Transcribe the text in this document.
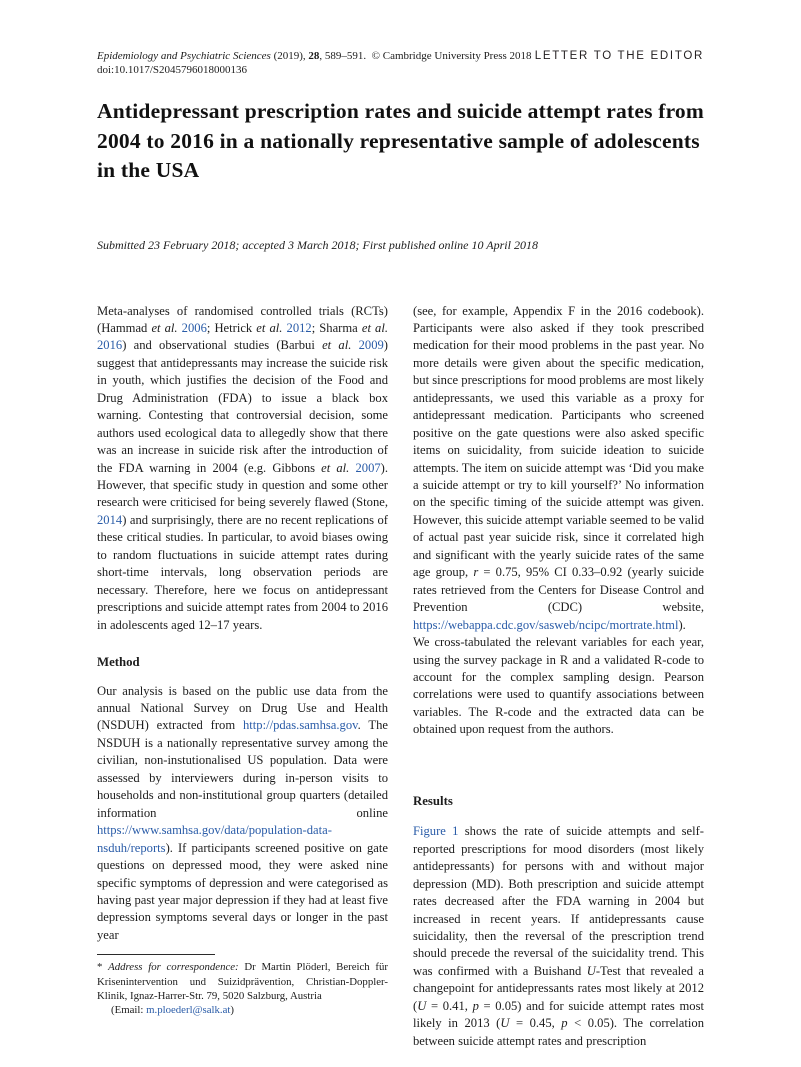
Epidemiology and Psychiatric Sciences (2019), 28, 589–591.  © Cambridge University Press 2018 LETTER TO THE EDITOR
doi:10.1017/S2045796018000136
Antidepressant prescription rates and suicide attempt rates from 2004 to 2016 in a nationally representative sample of adolescents in the USA
Submitted 23 February 2018; accepted 3 March 2018; First published online 10 April 2018

Meta-analyses of randomised controlled trials (RCTs) (Hammad et al. 2006; Hetrick et al. 2012; Sharma et al. 2016) and observational studies (Barbui et al. 2009) suggest that antidepressants may increase the suicide risk in youth, which justifies the decision of the Food and Drug Administration (FDA) to issue a black box warning. Contesting that controversial decision, some authors used ecological data to allegedly show that there was an increase in suicide risk after the introduction of the FDA warning in 2004 (e.g. Gibbons et al. 2007). However, that specific study in question and some other research were criticised for being severely flawed (Stone, 2014) and surprisingly, there are no recent replications of these critical studies. In particular, to avoid biases owing to random fluctuations in suicide attempt rates during short-time intervals, long observation periods are necessary. Therefore, here we focus on antidepressant prescriptions and suicide attempt rates from 2004 to 2016 in adolescents aged 12–17 years.

Method

Our analysis is based on the public use data from the annual National Survey on Drug Use and Health (NSDUH) extracted from http://pdas.samhsa.gov. The NSDUH is a nationally representative survey among the civilian, non-instutionalised US population. Data were assessed by interviewers during in-person visits to households and non-institutional group quarters (detailed information online https://www.samhsa.gov/data/population-data-nsduh/reports). If participants screened positive on gate questions on depressed mood, they were asked nine specific symptoms of depression and were categorised as having past year major depression if they had at least five depression symptoms several days or longer in the past year

* Address for correspondence: Dr Martin Plöderl, Bereich für Krisenintervention und Suizidprävention, Christian-Doppler-Klinik, Ignaz-Harrer-Str. 79, 5020 Salzburg, Austria
(Email: m.ploederl@salk.at)

(see, for example, Appendix F in the 2016 codebook). Participants were also asked if they took prescribed medication for their mood problems in the past year. No more details were given about the specific medication, but since prescriptions for mood problems are most likely antidepressants, we used this variable as a proxy for antidepressant medication. Participants who screened positive on the gate questions were also asked specific items on suicidality, from suicide ideation to suicide attempts. The item on suicide attempt was ‘Did you make a suicide attempt or try to kill yourself?’ No information on the specific timing of the suicide attempt was given. However, this suicide attempt variable seemed to be valid of actual past year suicide risk, since it correlated high and significant with the yearly suicide rates of the same age group, r = 0.75, 95% CI 0.33–0.92 (yearly suicide rates retrieved from the Centers for Disease Control and Prevention (CDC) website, https://webappa.cdc.gov/sasweb/ncipc/mortrate.html). We cross-tabulated the relevant variables for each year, using the survey package in R and a validated R-code to account for the complex sampling design. Pearson correlations were used to quantify associations between variables. The R-code and the extracted data can be obtained upon request from the authors.

Results

Figure 1 shows the rate of suicide attempts and self-reported prescriptions for mood disorders (most likely antidepressants) for persons with and without major depression (MD). Both prescription and suicide attempt rates decreased after the FDA warning in 2004 but increased in recent years. If antidepressants cause suicidality, then the reversal of the prescription trend should precede the reversal of the suicidality trend. This was confirmed with a Buishand U-Test that revealed a changepoint for antidepressants rates most likely at 2012 (U = 0.41, p = 0.05) and for suicide attempt rates most likely in 2013 (U = 0.45, p < 0.05). The correlation between suicide attempt rates and prescription
